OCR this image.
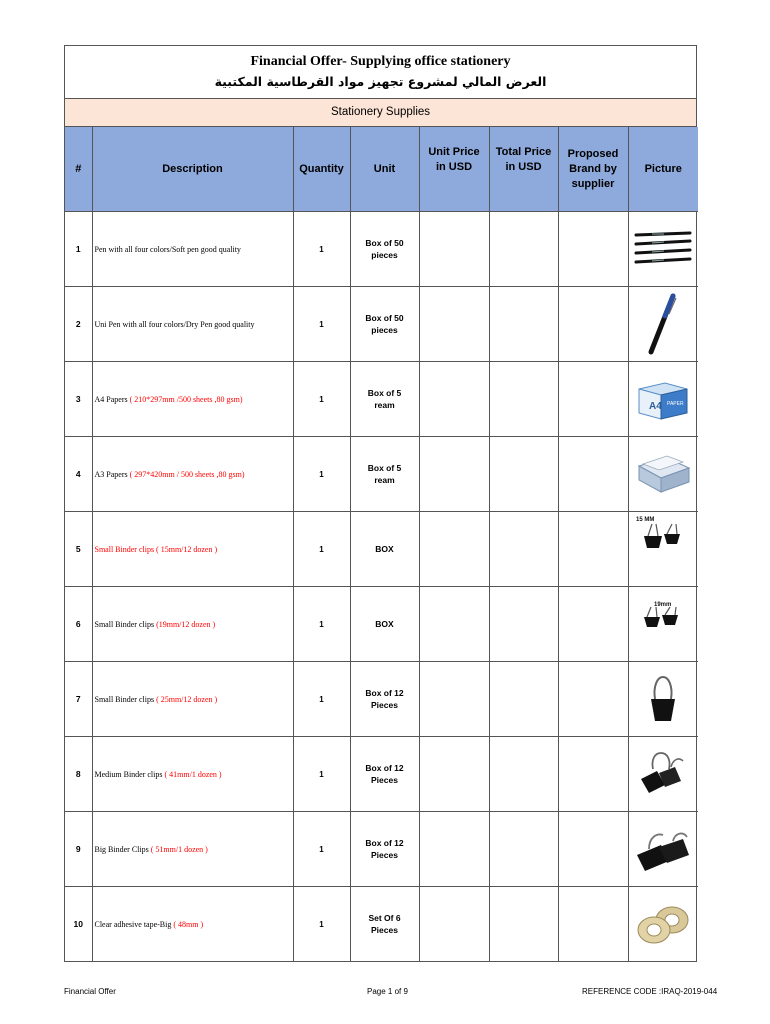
Financial Offer- Supplying office stationery
العرض المالي لمشروع تجهيز مواد القرطاسية المكتبية
Stationery Supplies
#	Description	Quantity	Unit	Unit Price in USD	Total Price in USD	Proposed Brand by supplier	Picture
1	Pen with all four colors/Soft pen good quality	1	Box of 50 pieces				

2	Uni Pen with all four colors/Dry Pen good quality	1	Box of 50 pieces				

3	A4 Papers ( 210*297mm /500 sheets ,80 gsm)	1	Box of 5 ream				A4 PAPER

4	A3 Papers ( 297*420mm / 500 sheets ,80 gsm)	1	Box of 5 ream				

5	Small Binder clips ( 15mm/12 dozen )	1	BOX				15 MM

6	Small Binder clips (19mm/12 dozen )	1	BOX				19mm

7	Small Binder clips ( 25mm/12 dozen )	1	Box of 12 Pieces				

8	Medium Binder clips ( 41mm/1 dozen )	1	Box of 12 Pieces				

9	Big Binder Clips ( 51mm/1 dozen )	1	Box of 12 Pieces				

10	Clear adhesive tape-Big ( 48mm )	1	Set Of 6 Pieces				
Financial Offer	Page 1 of 9	REFERENCE CODE :IRAQ-2019-044
